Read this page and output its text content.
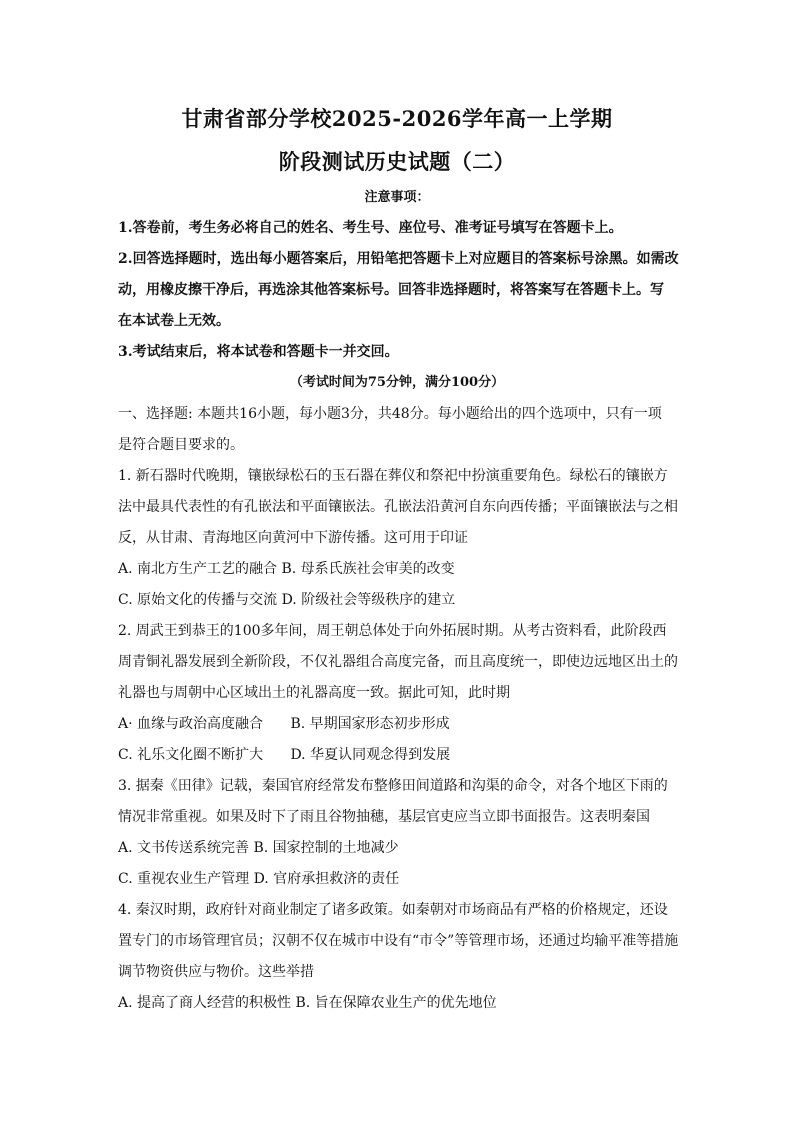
甘肃省部分学校2025-2026学年高一上学期
阶段测试历史试题（二）
注意事项：
1.答卷前，考生务必将自己的姓名、考生号、座位号、准考证号填写在答题卡上。
2.回答选择题时，选出每小题答案后，用铅笔把答题卡上对应题目的答案标号涂黑。如需改
动，用橡皮擦干净后，再选涂其他答案标号。回答非选择题时，将答案写在答题卡上。写
在本试卷上无效。
3.考试结束后，将本试卷和答题卡一并交回。
（考试时间为75分钟，满分100分）
一、选择题: 本题共16小题，每小题3分，共48分。每小题给出的四个选项中，只有一项
是符合题目要求的。
1. 新石器时代晚期，镶嵌绿松石的玉石器在葬仪和祭祀中扮演重要角色。绿松石的镶嵌方
法中最具代表性的有孔嵌法和平面镶嵌法。孔嵌法沿黄河自东向西传播；平面镶嵌法与之相
反，从甘肃、青海地区向黄河中下游传播。这可用于印证
A. 南北方生产工艺的融合 B. 母系氏族社会审美的改变
C. 原始文化的传播与交流 D. 阶级社会等级秩序的建立
2. 周武王到恭王的100多年间，周王朝总体处于向外拓展时期。从考古资料看，此阶段西
周青铜礼器发展到全新阶段，不仅礼器组合高度完备，而且高度统一，即使边远地区出土的
礼器也与周朝中心区域出土的礼器高度一致。据此可知，此时期
A· 血缘与政治高度融合 B. 早期国家形态初步形成
C. 礼乐文化圈不断扩大 D. 华夏认同观念得到发展
3. 据秦《田律》记载，秦国官府经常发布整修田间道路和沟渠的命令，对各个地区下雨的
情况非常重视。如果及时下了雨且谷物抽穗，基层官吏应当立即书面报告。这表明秦国
A. 文书传送系统完善 B. 国家控制的土地减少
C. 重视农业生产管理 D. 官府承担救济的责任
4. 秦汉时期，政府针对商业制定了诸多政策。如秦朝对市场商品有严格的价格规定，还设
置专门的市场管理官员；汉朝不仅在城市中设有“市令”等管理市场，还通过均输平准等措施
调节物资供应与物价。这些举措
A. 提高了商人经营的积极性 B. 旨在保障农业生产的优先地位
